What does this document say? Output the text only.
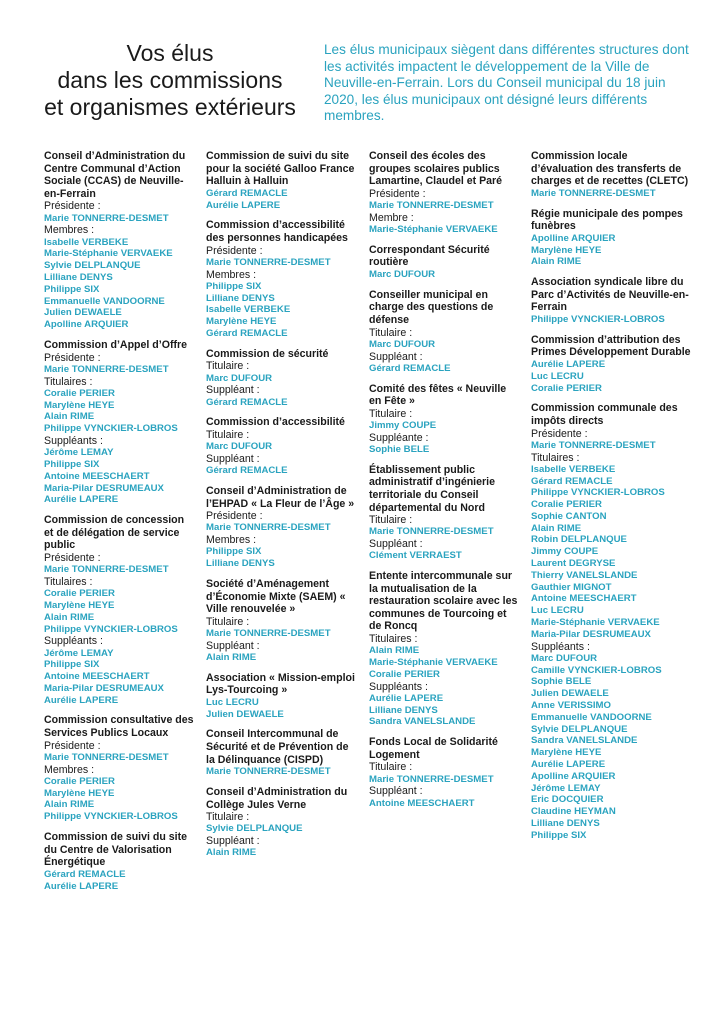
Vos élus
dans les commissions
et organismes extérieurs
Les élus municipaux siègent dans différentes structures dont les activités impactent le développement de la Ville de Neuville-en-Ferrain. Lors du Conseil municipal du 18 juin 2020, les élus municipaux ont désigné leurs différents membres.
Conseil d’Administration du Centre Communal d’Action Sociale (CCAS) de Neuville-en-Ferrain
Présidente :
Marie TONNERRE-DESMET
Membres :
Isabelle VERBEKE
Marie-Stéphanie VERVAEKE
Sylvie DELPLANQUE
Lilliane DENYS
Philippe SIX
Emmanuelle VANDOORNE
Julien DEWAELE
Apolline ARQUIER
Commission d’Appel d’Offre
Présidente :
Marie TONNERRE-DESMET
Titulaires :
Coralie PERIER
Marylène HEYE
Alain RIME
Philippe VYNCKIER-LOBROS
Suppléants :
Jérôme LEMAY
Philippe SIX
Antoine MEESCHAERT
Maria-Pilar DESRUMEAUX
Aurélie LAPERE
Commission de concession et de délégation de service public
Présidente :
Marie TONNERRE-DESMET
Titulaires :
Coralie PERIER
Marylène HEYE
Alain RIME
Philippe VYNCKIER-LOBROS
Suppléants :
Jérôme LEMAY
Philippe SIX
Antoine MEESCHAERT
Maria-Pilar DESRUMEAUX
Aurélie LAPERE
Commission consultative des Services Publics Locaux
Présidente :
Marie TONNERRE-DESMET
Membres :
Coralie PERIER
Marylène HEYE
Alain RIME
Philippe VYNCKIER-LOBROS
Commission de suivi du site du Centre de Valorisation Énergétique
Gérard REMACLE
Aurélie LAPERE
Commission de suivi du site pour la société Galloo France Halluin à Halluin
Gérard REMACLE
Aurélie LAPERE
Commission d’accessibilité des personnes handicapées
Présidente :
Marie TONNERRE-DESMET
Membres :
Philippe SIX
Lilliane DENYS
Isabelle VERBEKE
Marylène HEYE
Gérard REMACLE
Commission de sécurité
Titulaire :
Marc DUFOUR
Suppléant :
Gérard REMACLE
Commission d’accessibilité
Titulaire :
Marc DUFOUR
Suppléant :
Gérard REMACLE
Conseil d’Administration de l’EHPAD « La Fleur de l’Âge »
Présidente :
Marie TONNERRE-DESMET
Membres :
Philippe SIX
Lilliane DENYS
Société d’Aménagement d’Économie Mixte (SAEM) « Ville renouvelée »
Titulaire :
Marie TONNERRE-DESMET
Suppléant :
Alain RIME
Association « Mission-emploi Lys-Tourcoing »
Luc LECRU
Julien DEWAELE
Conseil Intercommunal de Sécurité et de Prévention de la Délinquance (CISPD)
Marie TONNERRE-DESMET
Conseil d’Administration du Collège Jules Verne
Titulaire :
Sylvie DELPLANQUE
Suppléant :
Alain RIME
Conseil des écoles des groupes scolaires publics Lamartine, Claudel et Paré
Présidente :
Marie TONNERRE-DESMET
Membre :
Marie-Stéphanie VERVAEKE
Correspondant Sécurité routière
Marc DUFOUR
Conseiller municipal en charge des questions de défense
Titulaire :
Marc DUFOUR
Suppléant :
Gérard REMACLE
Comité des fêtes « Neuville en Fête »
Titulaire :
Jimmy COUPE
Suppléante :
Sophie BELE
Établissement public administratif d’ingénierie territoriale du Conseil départemental du Nord
Titulaire :
Marie TONNERRE-DESMET
Suppléant :
Clément VERRAEST
Entente intercommunale sur la mutualisation de la restauration scolaire avec les communes de Tourcoing et de Roncq
Titulaires :
Alain RIME
Marie-Stéphanie VERVAEKE
Coralie PERIER
Suppléants :
Aurélie LAPERE
Lilliane DENYS
Sandra VANELSLANDE
Fonds Local de Solidarité Logement
Titulaire :
Marie TONNERRE-DESMET
Suppléant :
Antoine MEESCHAERT
Commission locale d’évaluation des transferts de charges et de recettes (CLETC)
Marie TONNERRE-DESMET
Régie municipale des pompes funèbres
Apolline ARQUIER
Marylène HEYE
Alain RIME
Association syndicale libre du Parc d’Activités de Neuville-en-Ferrain
Philippe VYNCKIER-LOBROS
Commission d’attribution des Primes Développement Durable
Aurélie LAPERE
Luc LECRU
Coralie PERIER
Commission communale des impôts directs
Présidente :
Marie TONNERRE-DESMET
Titulaires :
Isabelle VERBEKE
Gérard REMACLE
Philippe VYNCKIER-LOBROS
Coralie PERIER
Sophie CANTON
Alain RIME
Robin DELPLANQUE
Jimmy COUPE
Laurent DEGRYSE
Thierry VANELSLANDE
Gauthier MIGNOT
Antoine MEESCHAERT
Luc LECRU
Marie-Stéphanie VERVAEKE
Maria-Pilar DESRUMEAUX
Suppléants :
Marc DUFOUR
Camille VYNCKIER-LOBROS
Sophie BELE
Julien DEWAELE
Anne VERISSIMO
Emmanuelle VANDOORNE
Sylvie DELPLANQUE
Sandra VANELSLANDE
Marylène HEYE
Aurélie LAPERE
Apolline ARQUIER
Jérôme LEMAY
Eric DOCQUIER
Claudine HEYMAN
Lilliane DENYS
Philippe SIX
